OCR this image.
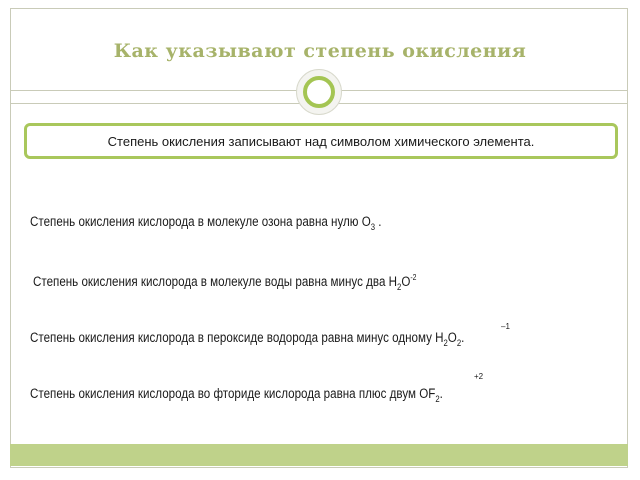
Как указывают степень окисления
Степень окисления записывают над символом химического элемента.
Степень окисления кислорода в молекуле озона равна нулю $O_3$ .
Степень окисления кислорода в молекуле воды равна минус два $H_2O^{-2}$
–1
Степень окисления кислорода в пероксиде водорода равна минус одному $H_2O_2$.
+2
Степень окисления кислорода во фториде кислорода равна плюс двум $OF_2$.
